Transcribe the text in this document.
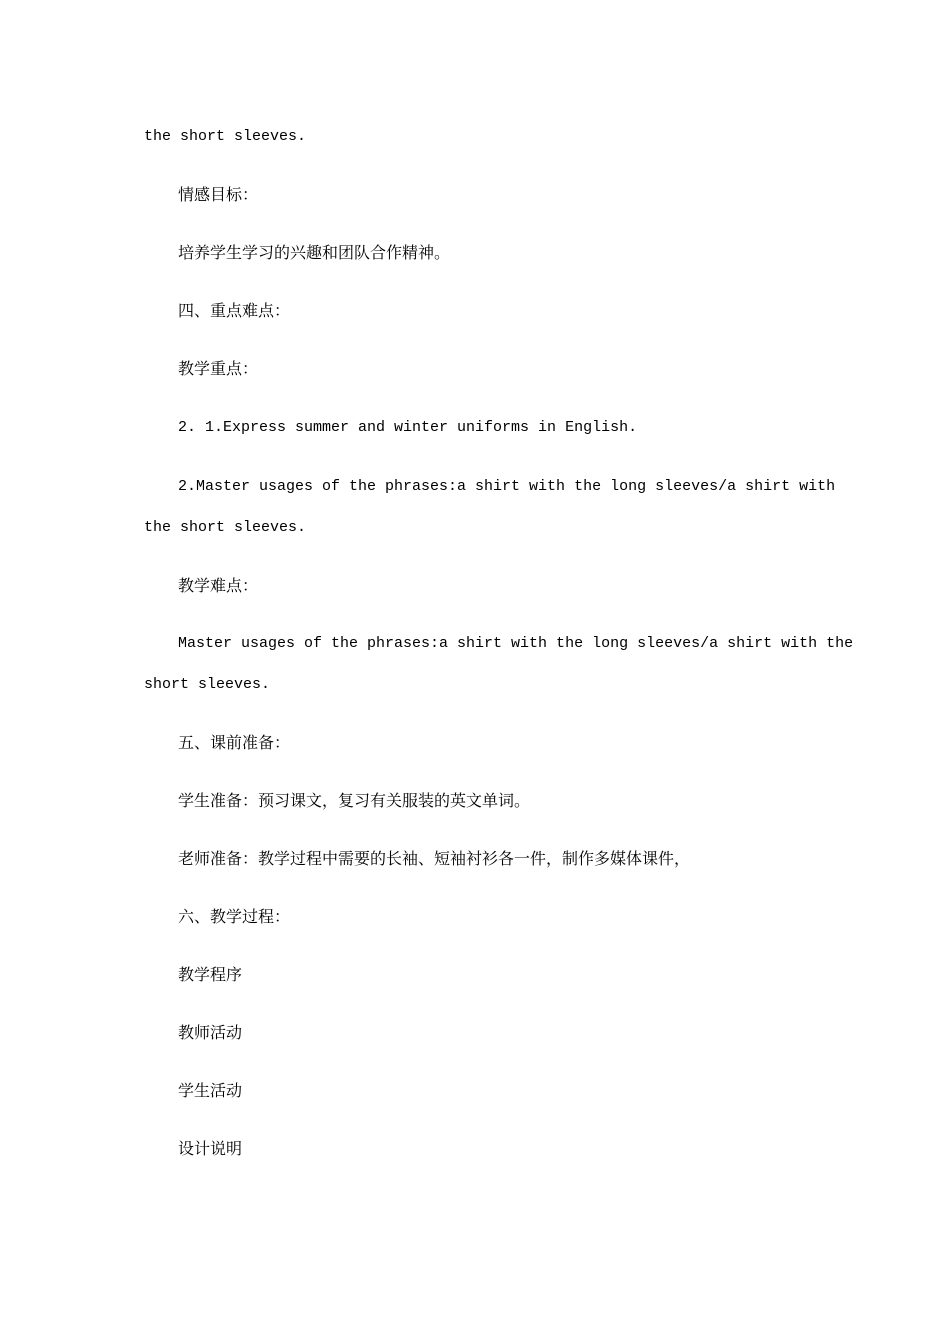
the short sleeves.
情感目标：
培养学生学习的兴趣和团队合作精神。
四、重点难点：
教学重点：
2. 1.Express summer and winter uniforms in English.
2.Master usages of the phrases:a shirt with the long sleeves/a shirt with
the short sleeves.
教学难点：
Master usages of the phrases:a shirt with the long sleeves/a shirt with the
short sleeves.
五、课前准备：
学生准备：预习课文，复习有关服装的英文单词。
老师准备：教学过程中需要的长袖、短袖衬衫各一件，制作多媒体课件，
六、教学过程：
教学程序
教师活动
学生活动
设计说明
